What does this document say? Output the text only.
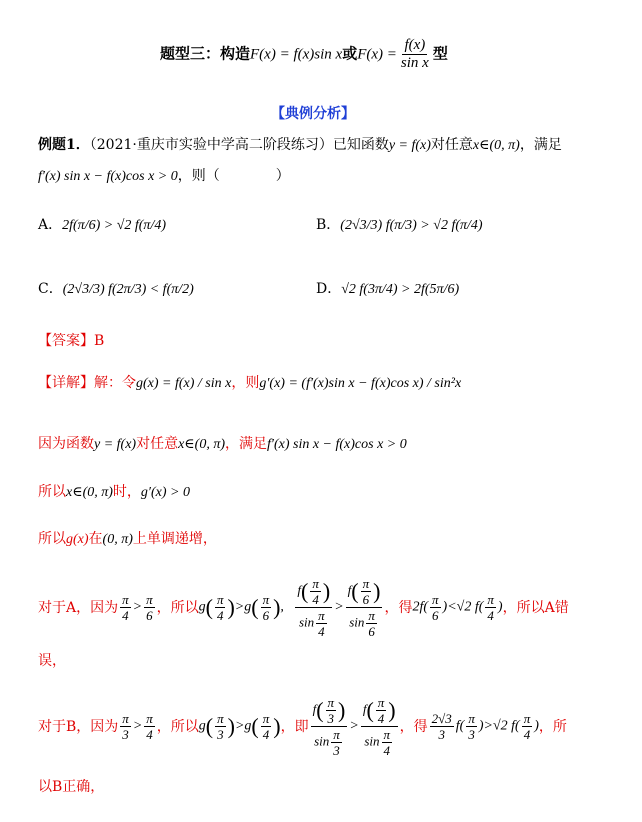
题型三：构造F(x) = f(x)sin x或$F(x) = \frac{f(x)}{\text{sin x}}$ 型
【典例分析】
例题1．（2021·重庆市实验中学高二阶段练习）已知函数y = f(x)对任意x∈(0, π)，满足
f′(x) sin x − f(x)cos x > 0，则（　　　　）
A．2f(π/6) > √2 f(π/4)	B．(2√3/3) f(π/3) > √2 f(π/4)
C．(2√3/3) f(2π/3) < f(π/2)	D．√2 f(3π/4) > 2f(5π/6)
【答案】B
【详解】解：令g(x) = f(x) / sin x，则g′(x) = (f′(x)sin x − f(x)cos x) / sin²x
因为函数y = f(x)对任意x∈(0, π)，满足f′(x) sin x − f(x)cos x > 0
所以x∈(0, π)时，g′(x) > 0
所以g(x)在(0, π)上单调递增，
对于A，因为 $\frac{\pi}{4} > \frac{\pi}{6}$ ，所以 $g( \frac{\pi}{4} )>g( \frac{\pi}{6}$ ), $\frac{f( \frac{\pi}{4} )}{\sin \frac{\pi}{4}} > \frac{f( \frac{\pi}{6} )}{\sin \frac{\pi}{6}}$ ，得 $2f( \frac{\pi}{6} )<√2$ $f( \frac{\pi}{4}$ ) ，所以A错
误，
对于B，因为 $\frac{\pi}{3} > \frac{\pi}{4}$ ，所以 $g( \frac{\pi}{3} )>g( \frac{\pi}{4}$ ) ，即 $\frac{f( \frac{\pi}{3} )}{\sin \frac{\pi}{3}} > \frac{f( \frac{\pi}{4} )}{\sin \frac{\pi}{4}}$ ，得 $\frac{2√3}{3} f( \frac{\pi}{3} )>√2$ $f( \frac{\pi}{4}$ ) ，所
以B正确，
